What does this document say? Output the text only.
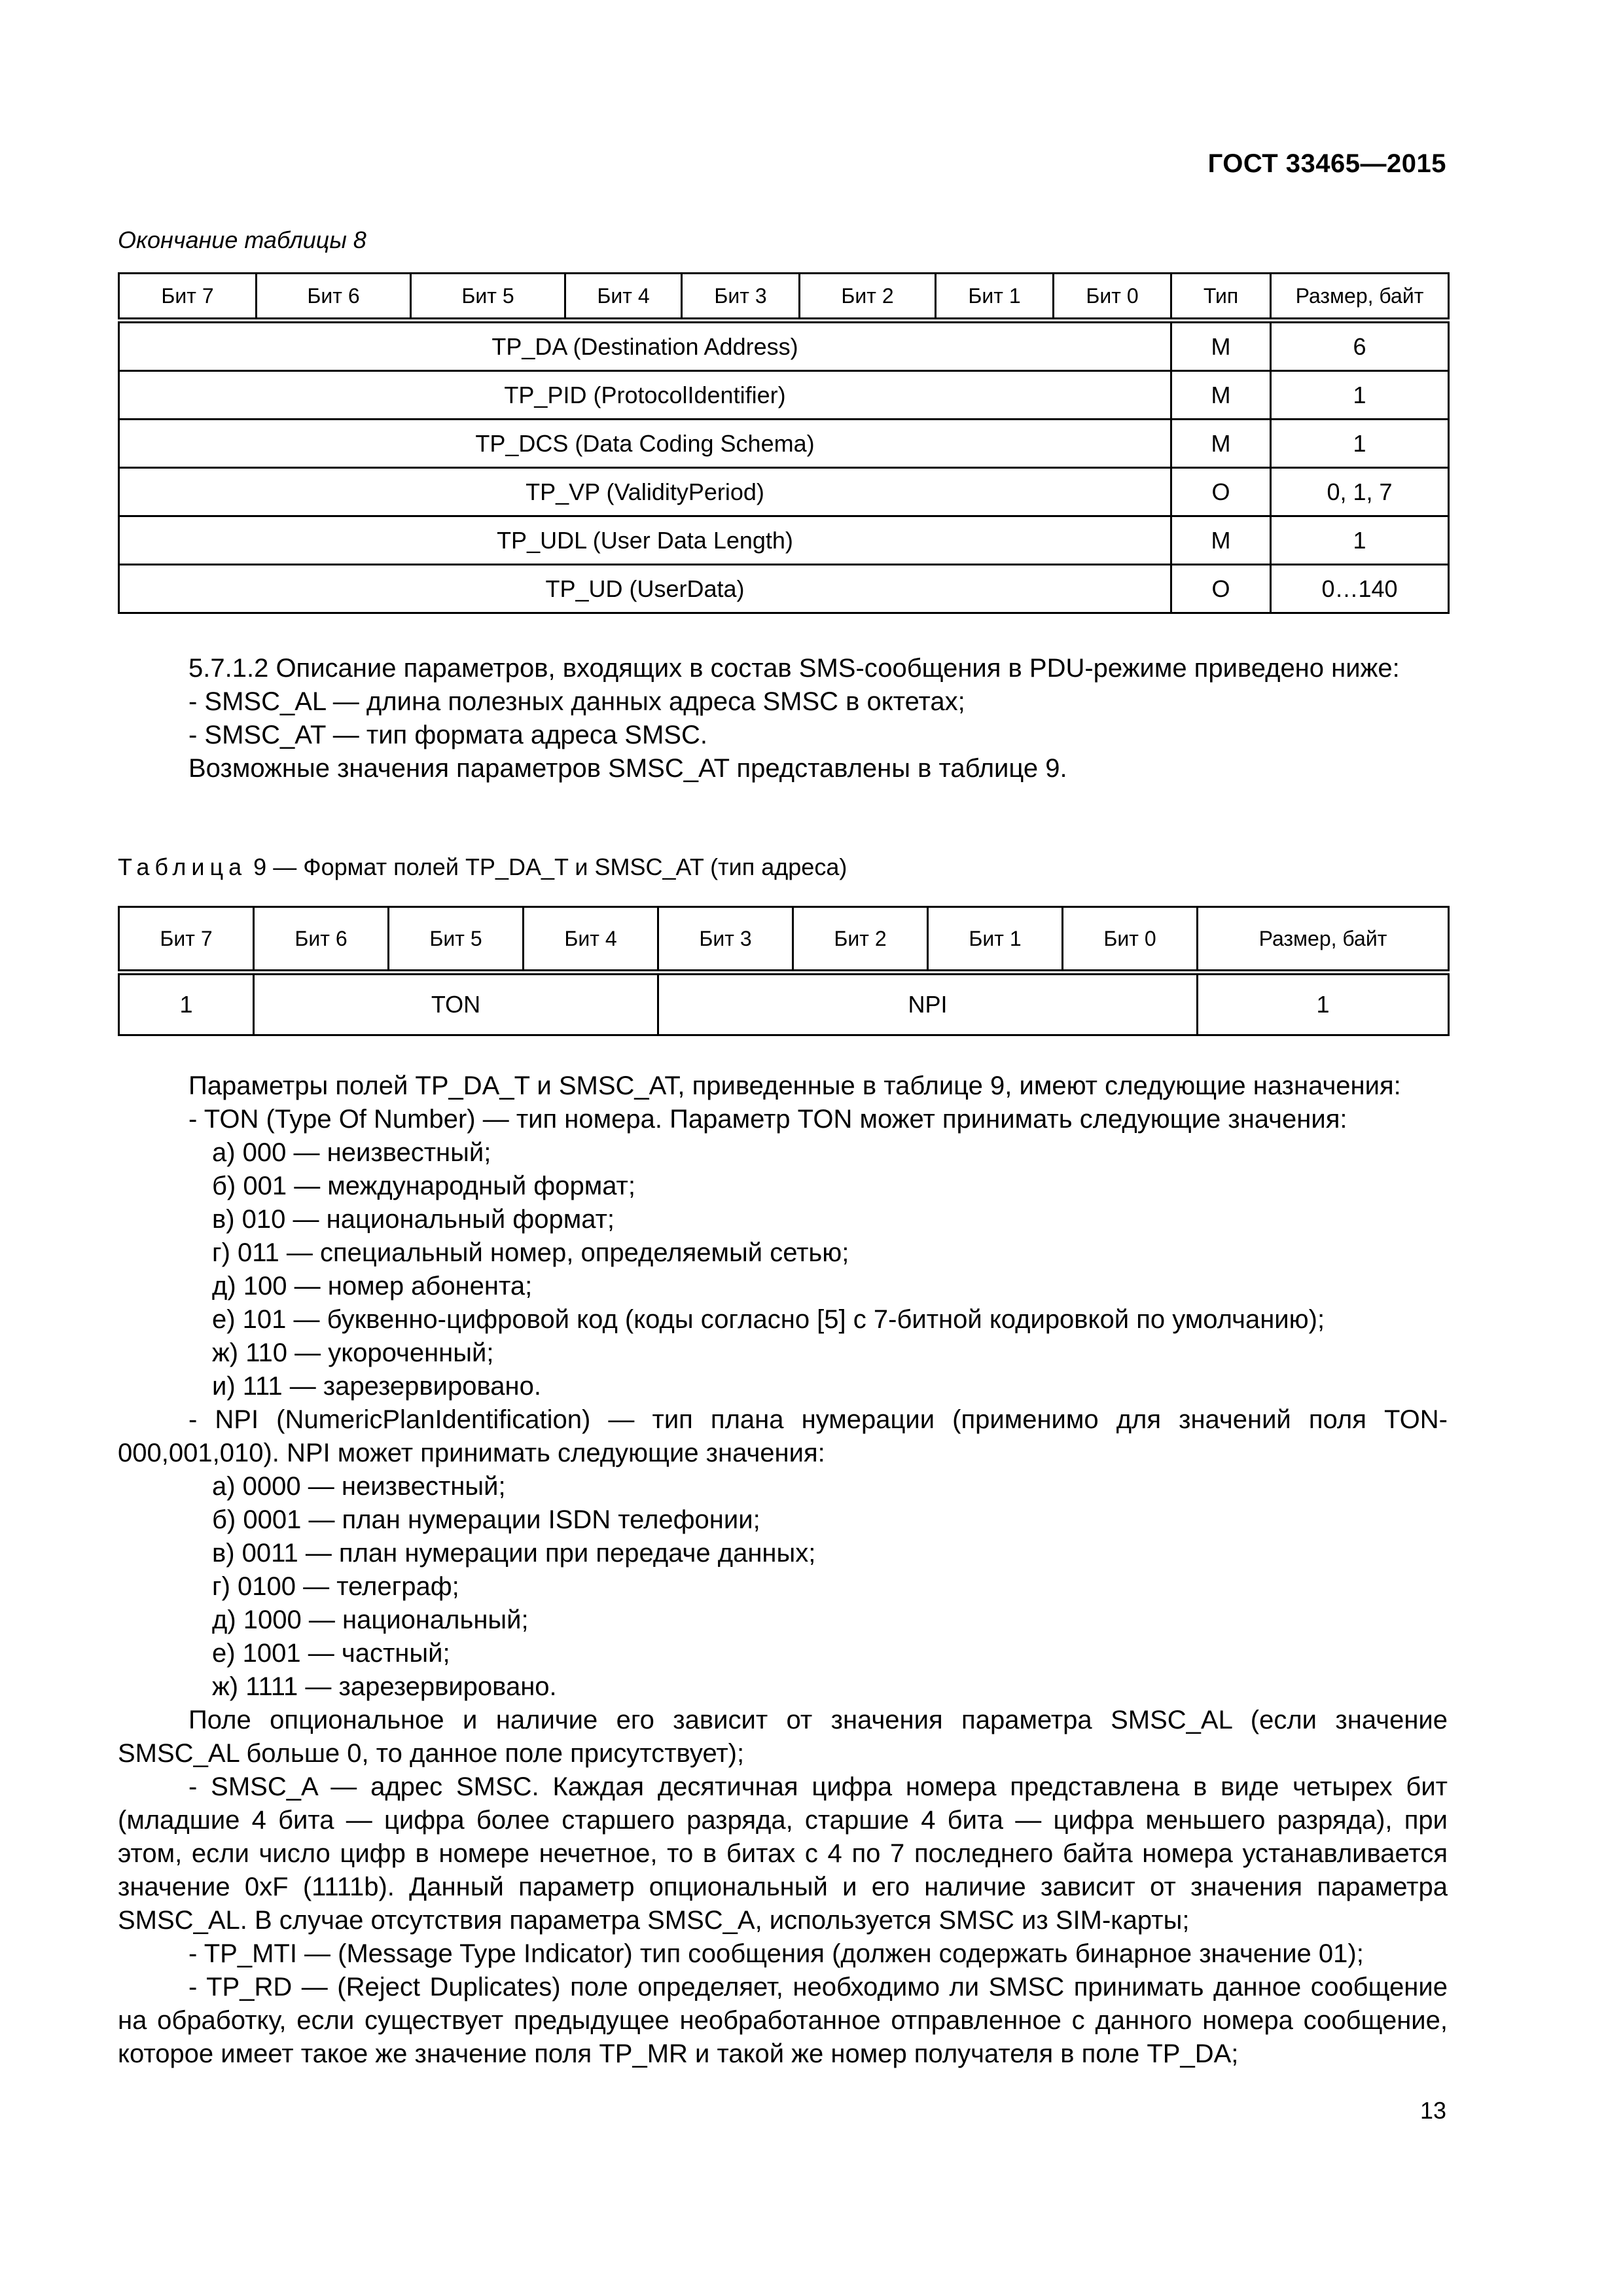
ГОСТ 33465—2015
Окончание таблицы 8
Бит 7	Бит 6	Бит 5	Бит 4	Бит 3	Бит 2	Бит 1	Бит 0	Тип	Размер, байт
TP_DA (Destination Address)								M	6
TP_PID (ProtocolIdentifier)								M	1
TP_DCS (Data Coding Schema)								M	1
TP_VP (ValidityPeriod)								O	0, 1, 7
TP_UDL (User Data Length)								M	1
TP_UD (UserData)								O	0…140

5.7.1.2 Описание параметров, входящих в состав SMS-сообщения в PDU-режиме приведено ниже:

- SMSC_AL — длина полезных данных адреса SMSC в октетах;

- SMSC_AT — тип формата адреса SMSC.

Возможные значения параметров SMSC_AT представлены в таблице 9.

Таблица 9 — Формат полей TP_DA_T и SMSC_AT (тип адреса)
Бит 7	Бит 6	Бит 5	Бит 4	Бит 3	Бит 2	Бит 1	Бит 0	Размер, байт
1	TON			NPI				1

Параметры полей TP_DA_T и SMSC_AT, приведенные в таблице 9, имеют следующие назначения:

- TON (Type Of Number) — тип номера. Параметр TON может принимать следующие значения:

а) 000 — неизвестный;

б) 001 — международный формат;

в) 010 — национальный формат;

г) 011 — специальный номер, определяемый сетью;

д) 100 — номер абонента;

е) 101 — буквенно-цифровой код (коды согласно [5] с 7-битной кодировкой по умолчанию);

ж) 110 — укороченный;

и) 111 — зарезервировано.

- NPI (NumericPlanIdentification) — тип плана нумерации (применимо для значений поля TON- 000,001,010). NPI может принимать следующие значения:

а) 0000 — неизвестный;

б) 0001 — план нумерации ISDN телефонии;

в) 0011 — план нумерации при передаче данных;

г) 0100 — телеграф;

д) 1000 — национальный;

е) 1001 — частный;

ж) 1111 — зарезервировано.

Поле опциональное и наличие его зависит от значения параметра SMSC_AL (если значение SMSC_AL больше 0, то данное поле присутствует);

- SMSC_A — адрес SMSC. Каждая десятичная цифра номера представлена в виде четырех бит (младшие 4 бита — цифра более старшего разряда, старшие 4 бита — цифра меньшего разряда), при этом, если число цифр в номере нечетное, то в битах с 4 по 7 последнего байта номера устанавливается значение 0xF (1111b). Данный параметр опциональный и его наличие зависит от значения параметра SMSC_AL. В случае отсутствия параметра SMSC_A, используется SMSC из SIM-карты;

- TP_MTI — (Message Type Indicator) тип сообщения (должен содержать бинарное значение 01);

- TP_RD — (Reject Duplicates) поле определяет, необходимо ли SMSC принимать данное сообщение на обработку, если существует предыдущее необработанное отправленное с данного номера сообщение, которое имеет такое же значение поля TP_MR и такой же номер получателя в поле TP_DA;

13
